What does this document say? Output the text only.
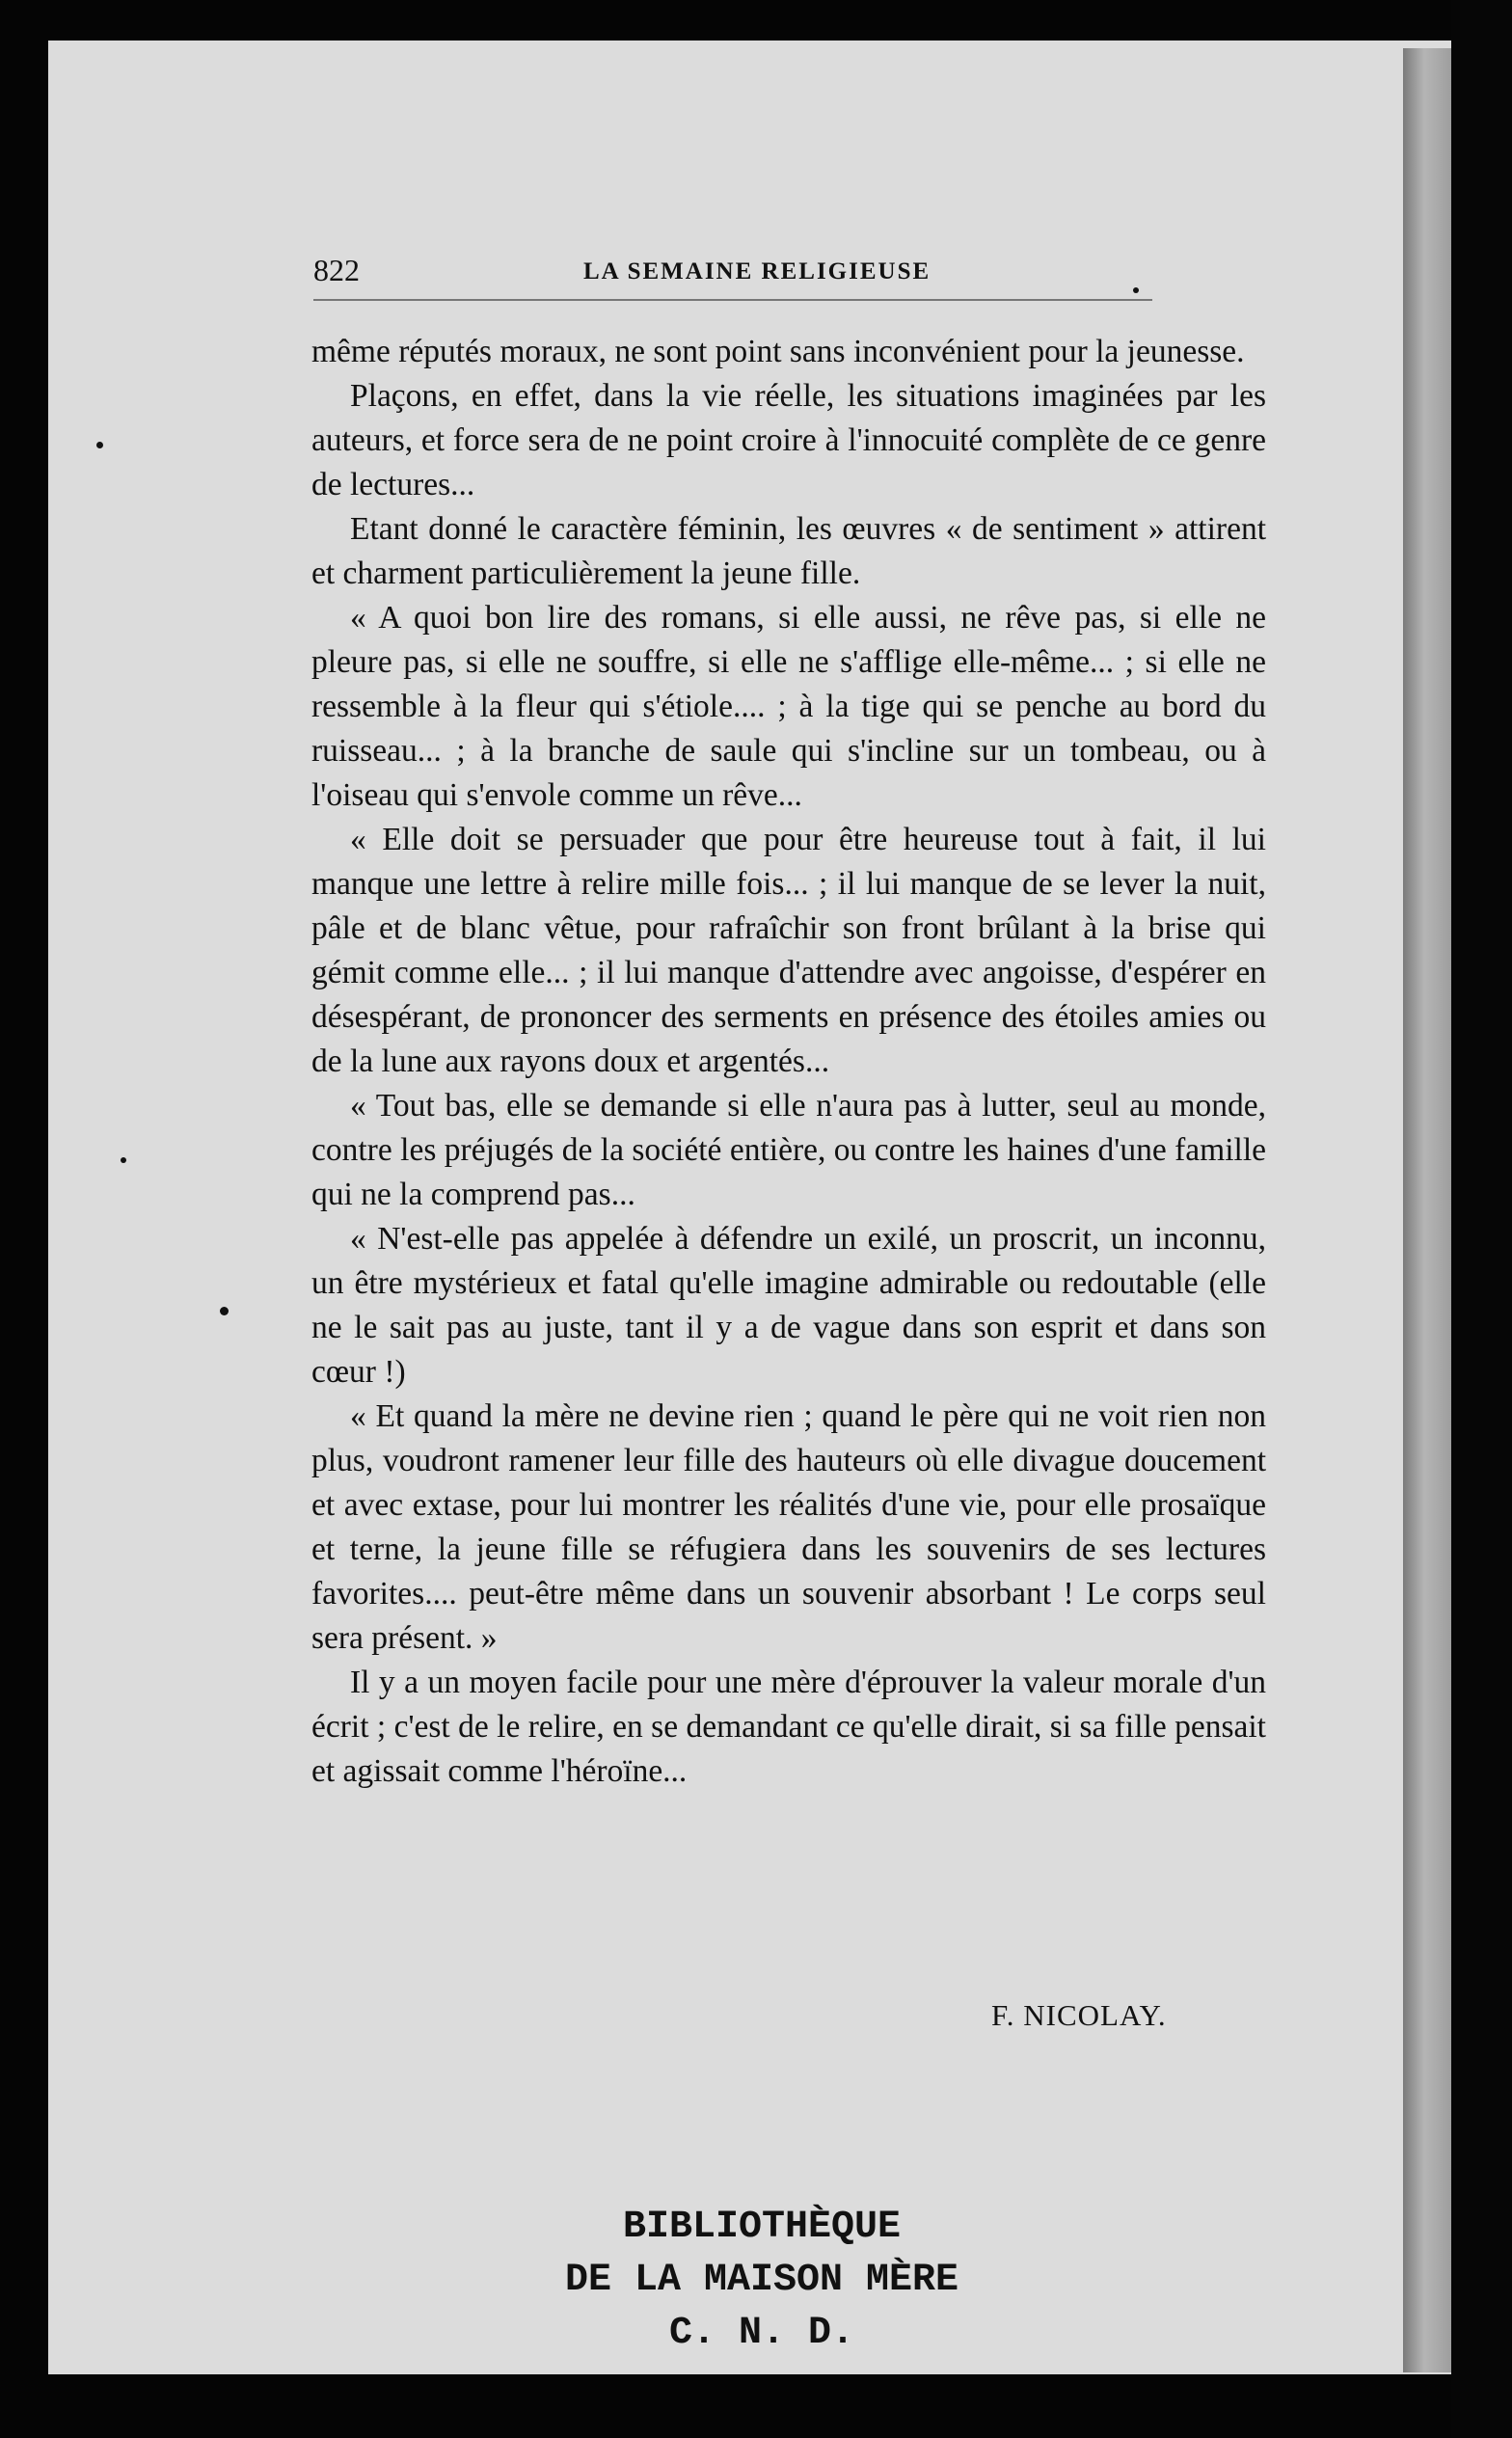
822	LA SEMAINE RELIGIEUSE

même réputés moraux, ne sont point sans inconvénient pour la jeunesse.

Plaçons, en effet, dans la vie réelle, les situations imaginées par les auteurs, et force sera de ne point croire à l'innocuité complète de ce genre de lectures...

Etant donné le caractère féminin, les œuvres « de sentiment » attirent et charment particulièrement la jeune fille.

« A quoi bon lire des romans, si elle aussi, ne rêve pas, si elle ne pleure pas, si elle ne souffre, si elle ne s'afflige elle-même... ; si elle ne ressemble à la fleur qui s'étiole.... ; à la tige qui se penche au bord du ruisseau... ; à la branche de saule qui s'incline sur un tombeau, ou à l'oiseau qui s'envole comme un rêve...

« Elle doit se persuader que pour être heureuse tout à fait, il lui manque une lettre à relire mille fois... ; il lui manque de se lever la nuit, pâle et de blanc vêtue, pour rafraîchir son front brûlant à la brise qui gémit comme elle... ; il lui manque d'attendre avec angoisse, d'espérer en désespérant, de prononcer des serments en présence des étoiles amies ou de la lune aux rayons doux et argentés...

« Tout bas, elle se demande si elle n'aura pas à lutter, seul au monde, contre les préjugés de la société entière, ou contre les haines d'une famille qui ne la comprend pas...

« N'est-elle pas appelée à défendre un exilé, un proscrit, un inconnu, un être mystérieux et fatal qu'elle imagine admirable ou redoutable (elle ne le sait pas au juste, tant il y a de vague dans son esprit et dans son cœur !)

« Et quand la mère ne devine rien ; quand le père qui ne voit rien non plus, voudront ramener leur fille des hauteurs où elle divague doucement et avec extase, pour lui montrer les réalités d'une vie, pour elle prosaïque et terne, la jeune fille se réfugiera dans les souvenirs de ses lectures favorites.... peut-être même dans un souvenir absorbant ! Le corps seul sera présent. »

Il y a un moyen facile pour une mère d'éprouver la valeur morale d'un écrit ; c'est de le relire, en se demandant ce qu'elle dirait, si sa fille pensait et agissait comme l'héroïne...

F. NICOLAY.
BIBLIOTHÈQUE
DE LA MAISON MÈRE
C. N. D.
